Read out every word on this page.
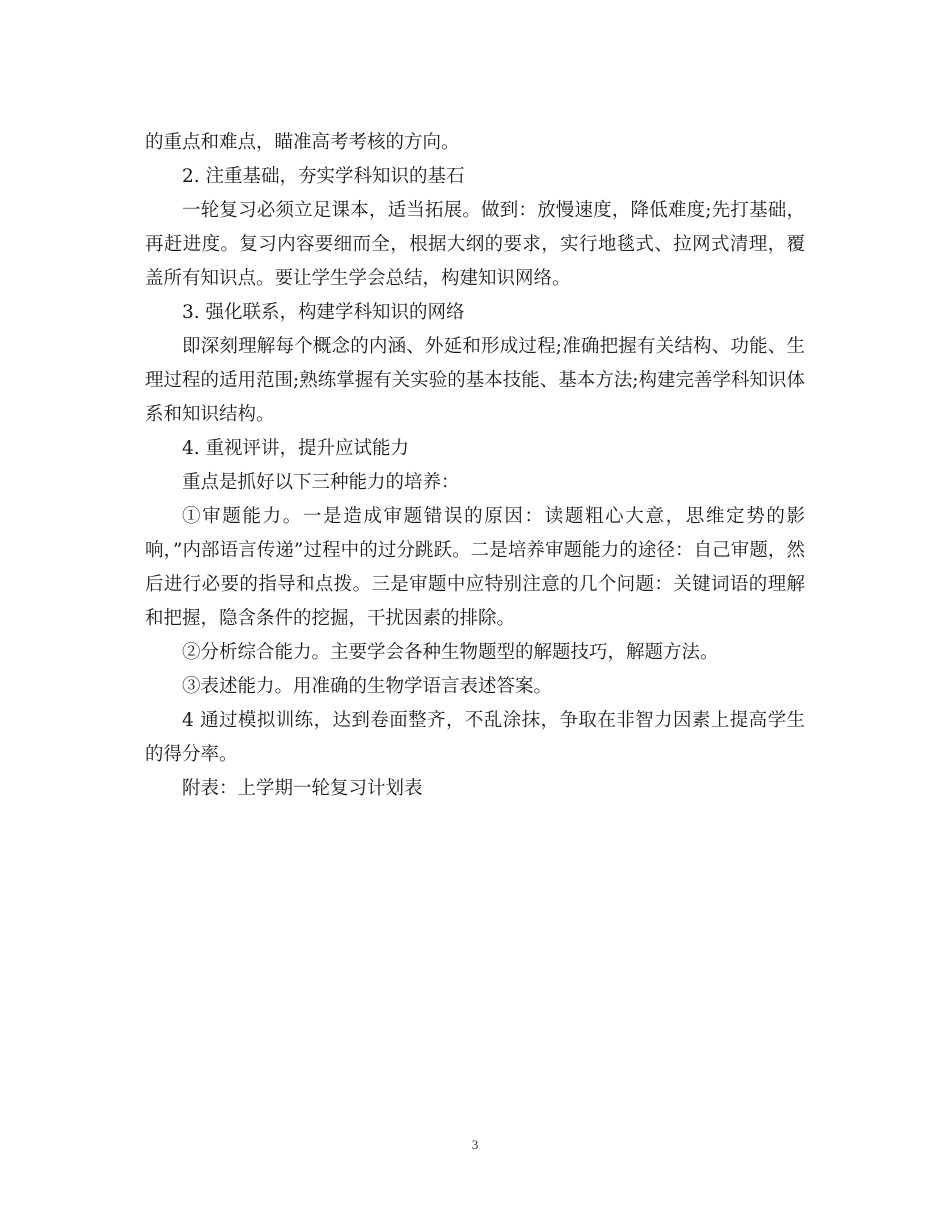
的重点和难点，瞄准高考考核的方向。

2. 注重基础，夯实学科知识的基石

一轮复习必须立足课本，适当拓展。做到：放慢速度，降低难度;先打基础，再赶进度。复习内容要细而全，根据大纲的要求，实行地毯式、拉网式清理，覆盖所有知识点。要让学生学会总结，构建知识网络。

3. 强化联系，构建学科知识的网络

即深刻理解每个概念的内涵、外延和形成过程;准确把握有关结构、功能、生理过程的适用范围;熟练掌握有关实验的基本技能、基本方法;构建完善学科知识体系和知识结构。

4. 重视评讲，提升应试能力

重点是抓好以下三种能力的培养：

①审题能力。一是造成审题错误的原因：读题粗心大意，思维定势的影响，”内部语言传递”过程中的过分跳跃。二是培养审题能力的途径：自己审题，然后进行必要的指导和点拨。三是审题中应特别注意的几个问题：关键词语的理解和把握，隐含条件的挖掘，干扰因素的排除。

②分析综合能力。主要学会各种生物题型的解题技巧，解题方法。

③表述能力。用准确的生物学语言表述答案。

4 通过模拟训练，达到卷面整齐，不乱涂抹，争取在非智力因素上提高学生的得分率。

附表：上学期一轮复习计划表

3
